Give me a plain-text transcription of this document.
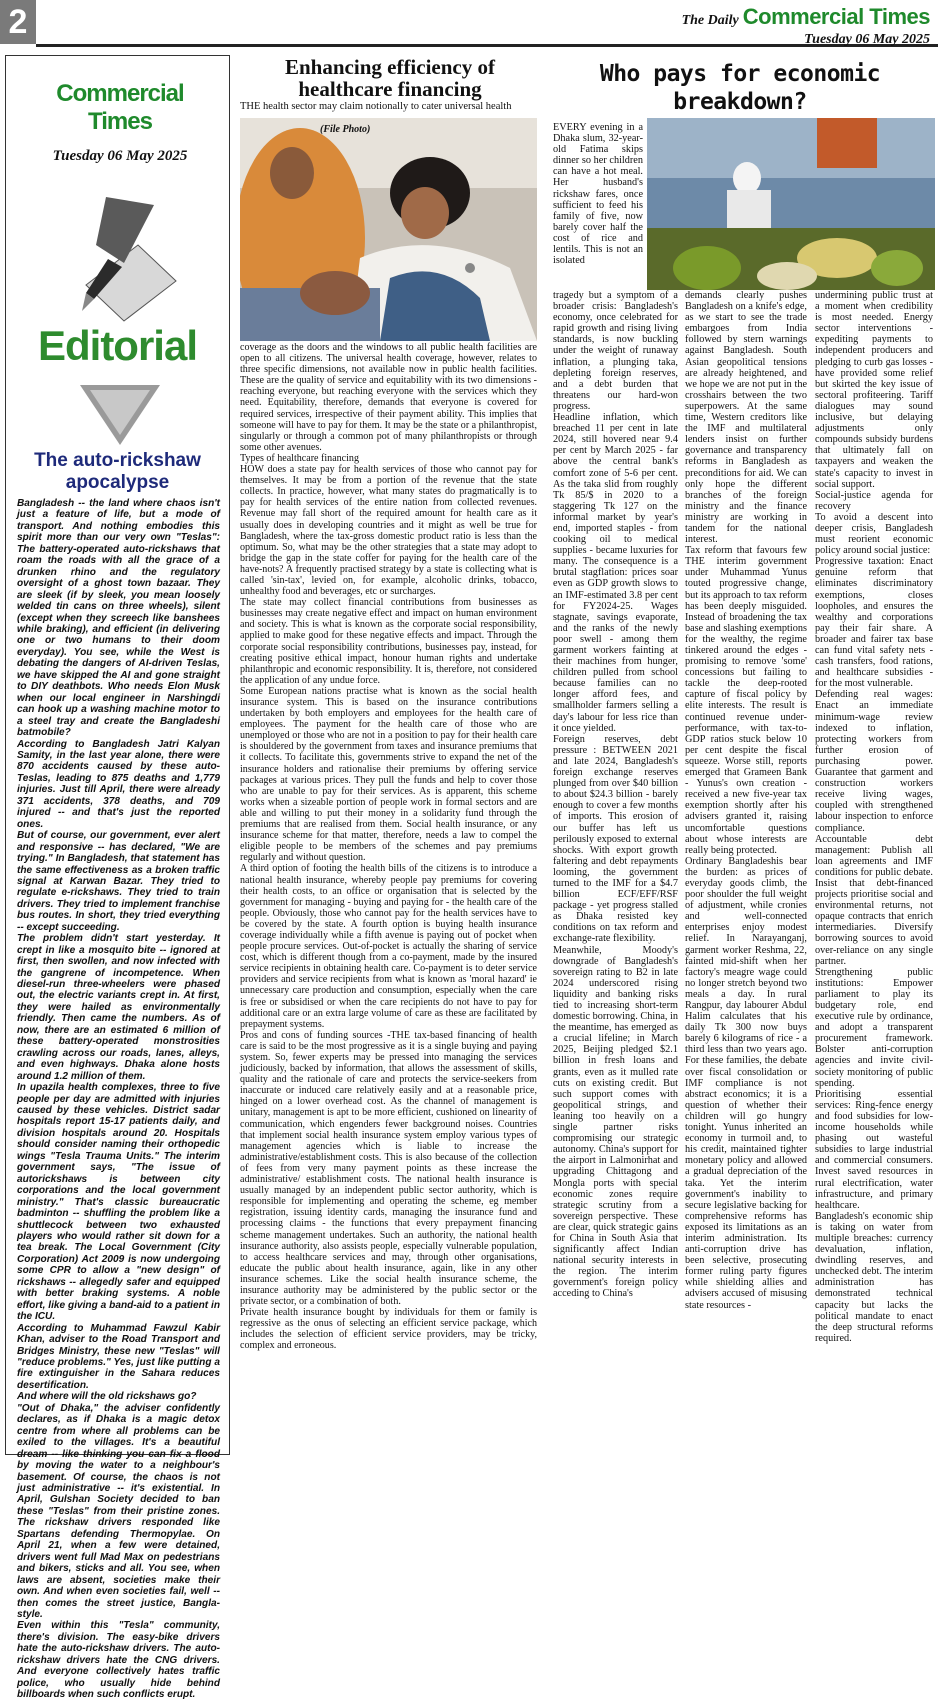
2	The Daily Commercial Times
Tuesday 06 May 2025
Commercial Times
Tuesday 06 May 2025
Editorial
The auto-rickshaw apocalypse

Bangladesh -- the land where chaos isn't just a feature of life, but a mode of transport. And nothing embodies this spirit more than our very own "Teslas": The battery-operated auto-rickshaws that roam the roads with all the grace of a drunken rhino and the regulatory oversight of a ghost town bazaar. They are sleek (if by sleek, you mean loosely welded tin cans on three wheels), silent (except when they screech like banshees while braking), and efficient (in delivering one or two humans to their doom everyday). You see, while the West is debating the dangers of AI-driven Teslas, we have skipped the AI and gone straight to DIY deathbots. Who needs Elon Musk when our local engineer in Narshingdi can hook up a washing machine motor to a steel tray and create the Bangladeshi batmobile?

According to Bangladesh Jatri Kalyan Samity, in the last year alone, there were 870 accidents caused by these auto-Teslas, leading to 875 deaths and 1,779 injuries. Just till April, there were already 371 accidents, 378 deaths, and 709 injured -- and that's just the reported ones.

But of course, our government, ever alert and responsive -- has declared, "We are trying." In Bangladesh, that statement has the same effectiveness as a broken traffic signal at Karwan Bazar. They tried to regulate e-rickshaws. They tried to train drivers. They tried to implement franchise bus routes. In short, they tried everything -- except succeeding.

The problem didn't start yesterday. It crept in like a mosquito bite -- ignored at first, then swollen, and now infected with the gangrene of incompetence. When diesel-run three-wheelers were phased out, the electric variants crept in. At first, they were hailed as environmentally friendly. Then came the numbers. As of now, there are an estimated 6 million of these battery-operated monstrosities crawling across our roads, lanes, alleys, and even highways. Dhaka alone hosts around 1.2 million of them.

In upazila health complexes, three to five people per day are admitted with injuries caused by these vehicles. District sadar hospitals report 15-17 patients daily, and division hospitals around 20. Hospitals should consider naming their orthopedic wings "Tesla Trauma Units." The interim government says, "The issue of autorickshaws is between city corporations and the local government ministry." That's classic bureaucratic badminton -- shuffling the problem like a shuttlecock between two exhausted players who would rather sit down for a tea break. The Local Government (City Corporation) Act 2009 is now undergoing some CPR to allow a "new design" of rickshaws -- allegedly safer and equipped with better braking systems. A noble effort, like giving a band-aid to a patient in the ICU.

According to Muhammad Fawzul Kabir Khan, adviser to the Road Transport and Bridges Ministry, these new "Teslas" will "reduce problems." Yes, just like putting a fire extinguisher in the Sahara reduces desertification.

And where will the old rickshaws go?

"Out of Dhaka," the adviser confidently declares, as if Dhaka is a magic detox centre from where all problems can be exiled to the villages. It's a beautiful dream -- like thinking you can fix a flood by moving the water to a neighbour's basement. Of course, the chaos is not just administrative -- it's existential. In April, Gulshan Society decided to ban these "Teslas" from their pristine zones. The rickshaw drivers responded like Spartans defending Thermopylae. On April 21, when a few were detained, drivers went full Mad Max on pedestrians and bikers, sticks and all. You see, when laws are absent, societies make their own. And when even societies fail, well -- then comes the street justice, Bangla-style.

Even within this "Tesla" community, there's division. The easy-bike drivers hate the auto-rickshaw drivers. The auto-rickshaw drivers hate the CNG drivers. And everyone collectively hates traffic police, who usually hide behind billboards when such conflicts erupt.

Enhancing efficiency of healthcare financing
THE health sector may claim notionally to cater universal health
(File Photo)

coverage as the doors and the windows to all public health facilities are open to all citizens. The universal health coverage, however, relates to three specific dimensions, not available now in public health facilities. These are the quality of service and equitability with its two dimensions - reaching everyone, but reaching everyone with the services which they need. Equitability, therefore, demands that everyone is covered for required services, irrespective of their payment ability. This implies that someone will have to pay for them. It may be the state or a philanthropist, singularly or through a common pot of many philanthropists or through some other avenues.

Types of healthcare financing

HOW does a state pay for health services of those who cannot pay for themselves. It may be from a portion of the revenue that the state collects. In practice, however, what many states do pragmatically is to pay for health services of the entire nation from collected revenues. Revenue may fall short of the required amount for health care as it usually does in developing countries and it might as well be true for Bangladesh, where the tax-gross domestic product ratio is less than the optimum. So, what may be the other strategies that a state may adopt to bridge the gap in the state coffer for paying for the health care of the have-nots? A frequently practised strategy by a state is collecting what is called 'sin-tax', levied on, for example, alcoholic drinks, tobacco, unhealthy food and beverages, etc or surcharges.

The state may collect financial contributions from businesses as businesses may create negative effect and impact on human environment and society. This is what is known as the corporate social responsibility, applied to make good for these negative effects and impact. Through the corporate social responsibility contributions, businesses pay, instead, for creating positive ethical impact, honour human rights and undertake philanthropic and economic responsibility. It is, therefore, not considered the application of any undue force.

Some European nations practise what is known as the social health insurance system. This is based on the insurance contributions undertaken by both employers and employees for the health care of employees. The payment for the health care of those who are unemployed or those who are not in a position to pay for their health care is shouldered by the government from taxes and insurance premiums that it collects. To facilitate this, governments strive to expand the net of the insurance holders and rationalise their premiums by offering service packages at various prices. They pull the funds and help to cover those who are unable to pay for their services. As is apparent, this scheme works when a sizeable portion of people work in formal sectors and are able and willing to put their money in a solidarity fund through the premiums that are realised from them. Social health insurance, or any insurance scheme for that matter, therefore, needs a law to compel the eligible people to be members of the schemes and pay premiums regularly and without question.

A third option of footing the health bills of the citizens is to introduce a national health insurance, whereby people pay premiums for covering their health costs, to an office or organisation that is selected by the government for managing - buying and paying for - the health care of the people. Obviously, those who cannot pay for the health services have to be covered by the state. A fourth option is buying health insurance coverage individually while a fifth avenue is paying out of pocket when people procure services. Out-of-pocket is actually the sharing of service cost, which is different though from a co-payment, made by the insured service recipients in obtaining health care. Co-payment is to deter service providers and service recipients from what is known as 'moral hazard' ie unnecessary care production and consumption, especially when the care is free or subsidised or when the care recipients do not have to pay for additional care or an extra large volume of care as these are facilitated by prepayment systems.

Pros and cons of funding sources -THE tax-based financing of health care is said to be the most progressive as it is a single buying and paying system. So, fewer experts may be pressed into managing the services judiciously, backed by information, that allows the assessment of skills, quality and the rationale of care and protects the service-seekers from inaccurate or induced care relatively easily and at a reasonable price, hinged on a lower overhead cost. As the channel of management is unitary, management is apt to be more efficient, cushioned on linearity of communication, which engenders fewer background noises. Countries that implement social health insurance system employ various types of management agencies which is liable to increase the administrative/establishment costs. This is also because of the collection of fees from very many payment points as these increase the administrative/ establishment costs. The national health insurance is usually managed by an independent public sector authority, which is responsible for implementing and operating the scheme, eg member registration, issuing identity cards, managing the insurance fund and processing claims - the functions that every prepayment financing scheme management undertakes. Such an authority, the national health insurance authority, also assists people, especially vulnerable population, to access healthcare services and may, through other organisations, educate the public about health insurance, again, like in any other insurance schemes. Like the social health insurance scheme, the insurance authority may be administered by the public sector or the private sector, or a combination of both.

Private health insurance bought by individuals for them or family is regressive as the onus of selecting an efficient service package, which includes the selection of efficient service providers, may be tricky, complex and erroneous.

Who pays for economic breakdown?

EVERY evening in a Dhaka slum, 32-year-old Fatima skips dinner so her children can have a hot meal. Her husband's rickshaw fares, once sufficient to feed his family of five, now barely cover half the cost of rice and lentils. This is not an isolated

tragedy but a symptom of a broader crisis: Bangladesh's economy, once celebrated for rapid growth and rising living standards, is now buckling under the weight of runaway inflation, a plunging taka, depleting foreign reserves, and a debt burden that threatens our hard-won progress.

Headline inflation, which breached 11 per cent in late 2024, still hovered near 9.4 per cent by March 2025 - far above the central bank's comfort zone of 5-6 per cent. As the taka slid from roughly Tk 85/$ in 2020 to a staggering Tk 127 on the informal market by year's end, imported staples - from cooking oil to medical supplies - became luxuries for many. The consequence is a brutal stagflation: prices soar even as GDP growth slows to an IMF-estimated 3.8 per cent for FY2024-25. Wages stagnate, savings evaporate, and the ranks of the newly poor swell - among them garment workers fainting at their machines from hunger, children pulled from school because families can no longer afford fees, and smallholder farmers selling a day's labour for less rice than it once yielded.

Foreign reserves, debt pressure : BETWEEN 2021 and late 2024, Bangladesh's foreign exchange reserves plunged from over $40 billion to about $24.3 billion - barely enough to cover a few months of imports. This erosion of our buffer has left us perilously exposed to external shocks. With export growth faltering and debt repayments looming, the government turned to the IMF for a $4.7 billion ECF/EFF/RSF package - yet progress stalled as Dhaka resisted key conditions on tax reform and exchange-rate flexibility.

Meanwhile, Moody's downgrade of Bangladesh's sovereign rating to B2 in late 2024 underscored rising liquidity and banking risks tied to increasing short-term domestic borrowing. China, in the meantime, has emerged as a crucial lifeline; in March 2025, Beijing pledged $2.1 billion in fresh loans and grants, even as it mulled rate cuts on existing credit. But such support comes with geopolitical strings, and leaning too heavily on a single partner risks compromising our strategic autonomy. China's support for the airport in Lalmonirhat and upgrading Chittagong and Mongla ports with special economic zones require strategic scrutiny from a sovereign perspective. These are clear, quick strategic gains for China in South Asia that significantly affect Indian national security interests in the region. The interim government's foreign policy acceding to China's

demands clearly pushes Bangladesh on a knife's edge, as we start to see the trade embargoes from India followed by stern warnings against Bangladesh. South Asian geopolitical tensions are already heightened, and we hope we are not put in the crosshairs between the two superpowers. At the same time, Western creditors like the IMF and multilateral lenders insist on further governance and transparency reforms in Bangladesh as preconditions for aid. We can only hope the different branches of the foreign ministry and the finance ministry are working in tandem for the national interest.

Tax reform that favours few THE interim government under Muhammad Yunus touted progressive change, but its approach to tax reform has been deeply misguided. Instead of broadening the tax base and slashing exemptions for the wealthy, the regime tinkered around the edges - promising to remove 'some' concessions but failing to tackle the deep-rooted capture of fiscal policy by elite interests. The result is continued revenue under-performance, with tax-to-GDP ratios stuck below 10 per cent despite the fiscal squeeze. Worse still, reports emerged that Grameen Bank - Yunus's own creation - received a new five-year tax exemption shortly after his advisers granted it, raising uncomfortable questions about whose interests are really being protected.

Ordinary Bangladeshis bear the burden: as prices of everyday goods climb, the poor shoulder the full weight of adjustment, while cronies and well-connected enterprises enjoy modest relief. In Narayanganj, garment worker Reshma, 22, fainted mid-shift when her factory's meagre wage could no longer stretch beyond two meals a day. In rural Rangpur, day labourer Abdul Halim calculates that his daily Tk 300 now buys barely 6 kilograms of rice - a third less than two years ago. For these families, the debate over fiscal consolidation or IMF compliance is not abstract economics; it is a question of whether their children will go hungry tonight. Yunus inherited an economy in turmoil and, to his credit, maintained tighter monetary policy and allowed a gradual depreciation of the taka. Yet the interim government's inability to secure legislative backing for comprehensive reforms has exposed its limitations as an interim administration. Its anti-corruption drive has been selective, prosecuting former ruling party figures while shielding allies and advisers accused of misusing state resources -

undermining public trust at a moment when credibility is most needed. Energy sector interventions - expediting payments to independent producers and pledging to curb gas losses - have provided some relief but skirted the key issue of sectoral profiteering. Tariff dialogues may sound inclusive, but delaying adjustments only compounds subsidy burdens that ultimately fall on taxpayers and weaken the state's capacity to invest in social support.

Social-justice agenda for recovery

To avoid a descent into deeper crisis, Bangladesh must reorient economic policy around social justice:

Progressive taxation: Enact genuine reform that eliminates discriminatory exemptions, closes loopholes, and ensures the wealthy and corporations pay their fair share. A broader and fairer tax base can fund vital safety nets - cash transfers, food rations, and healthcare subsidies - for the most vulnerable.

Defending real wages: Enact an immediate minimum-wage review indexed to inflation, protecting workers from further erosion of purchasing power. Guarantee that garment and construction workers receive living wages, coupled with strengthened labour inspection to enforce compliance.

Accountable debt management: Publish all loan agreements and IMF conditions for public debate. Insist that debt-financed projects prioritise social and environmental returns, not opaque contracts that enrich intermediaries. Diversify borrowing sources to avoid over-reliance on any single partner.

Strengthening public institutions: Empower parliament to play its budgetary role, end executive rule by ordinance, and adopt a transparent procurement framework. Bolster anti-corruption agencies and invite civil-society monitoring of public spending.

Prioritising essential services: Ring-fence energy and food subsidies for low-income households while phasing out wasteful subsidies to large industrial and commercial consumers. Invest saved resources in rural electrification, water infrastructure, and primary healthcare.

Bangladesh's economic ship is taking on water from multiple breaches: currency devaluation, inflation, dwindling reserves, and unchecked debt. The interim administration has demonstrated technical capacity but lacks the political mandate to enact the deep structural reforms required.
